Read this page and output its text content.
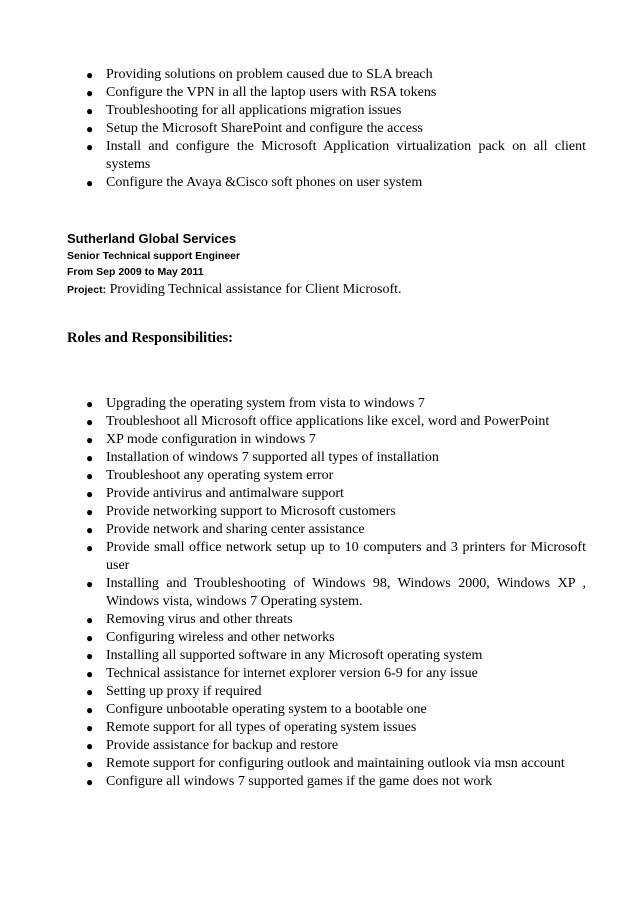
● Providing solutions on problem caused due to SLA breach
● Configure the VPN in all the laptop users with RSA tokens
● Troubleshooting for all applications migration issues
● Setup the Microsoft SharePoint and configure the access
● Install and configure the Microsoft Application virtualization pack on all client systems
● Configure the Avaya &Cisco soft phones on user system
Sutherland Global Services
Senior Technical support Engineer
From Sep 2009 to May 2011
Project: Providing Technical assistance for Client Microsoft.
Roles and Responsibilities:
● Upgrading the operating system from vista to windows 7
● Troubleshoot all Microsoft office applications like excel, word and PowerPoint
● XP mode configuration in windows 7
● Installation of windows 7 supported all types of installation
● Troubleshoot any operating system error
● Provide antivirus and antimalware support
● Provide networking support to Microsoft customers
● Provide network and sharing center assistance
● Provide small office network setup up to 10 computers and 3 printers for Microsoft user
● Installing and Troubleshooting of Windows 98, Windows 2000, Windows XP , Windows vista, windows 7 Operating system.
● Removing virus and other threats
● Configuring wireless and other networks
● Installing all supported software in any Microsoft operating system
● Technical assistance for internet explorer version 6-9 for any issue
● Setting up proxy if required
● Configure unbootable operating system to a bootable one
● Remote support for all types of operating system issues
● Provide assistance for backup and restore
● Remote support for configuring outlook and maintaining outlook via msn account
● Configure all windows 7 supported games if the game does not work
